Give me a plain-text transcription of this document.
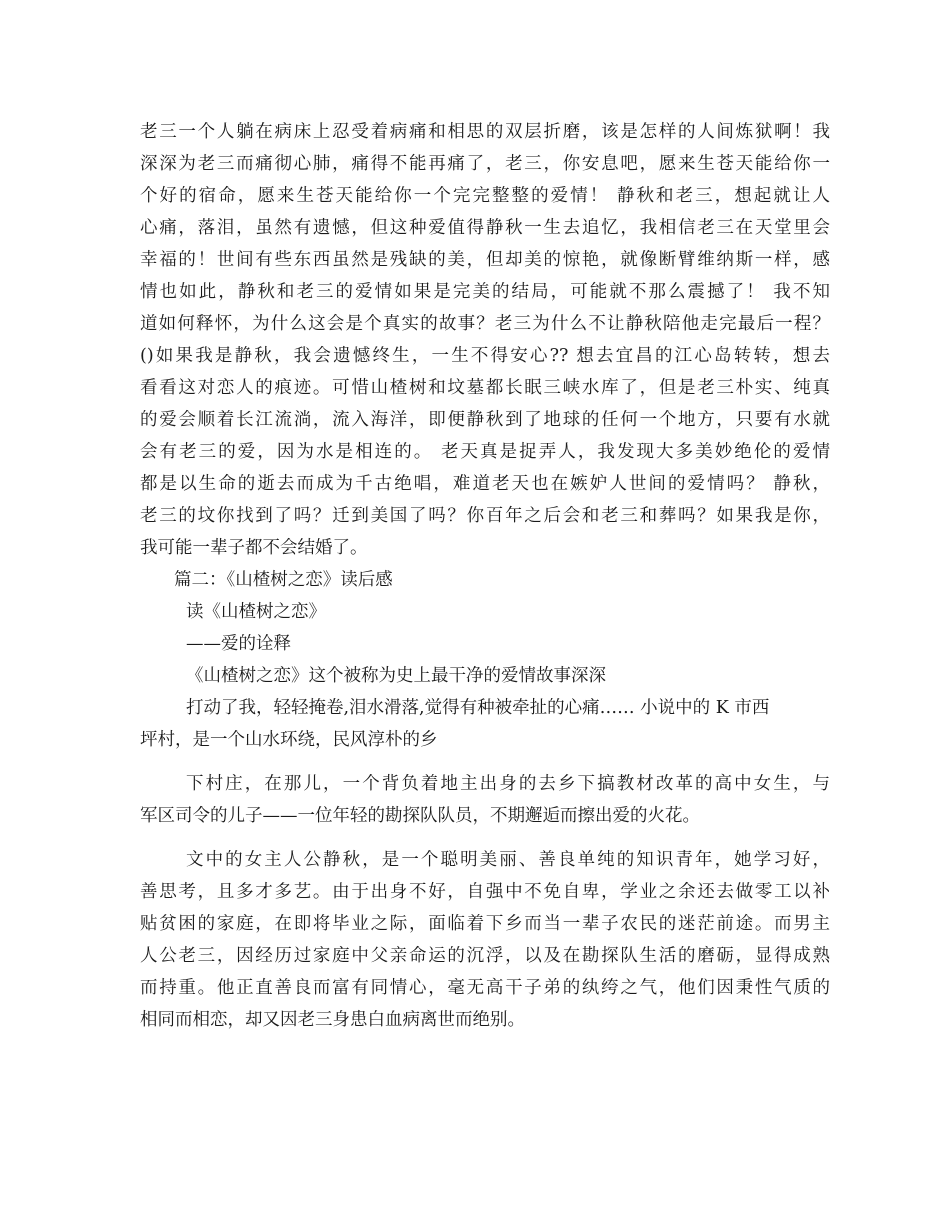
老三一个人躺在病床上忍受着病痛和相思的双层折磨，该是怎样的人间炼狱啊！我
深深为老三而痛彻心肺，痛得不能再痛了，老三，你安息吧，愿来生苍天能给你一
个好的宿命，愿来生苍天能给你一个完完整整的爱情！ 静秋和老三，想起就让人
心痛，落泪，虽然有遗憾，但这种爱值得静秋一生去追忆，我相信老三在天堂里会
幸福的！世间有些东西虽然是残缺的美，但却美的惊艳，就像断臂维纳斯一样，感
情也如此，静秋和老三的爱情如果是完美的结局，可能就不那么震撼了！ 我不知
道如何释怀，为什么这会是个真实的故事？老三为什么不让静秋陪他走完最后一程？
()如果我是静秋，我会遗憾终生，一生不得安心?? 想去宜昌的江心岛转转，想去
看看这对恋人的痕迹。可惜山楂树和坟墓都长眠三峡水库了，但是老三朴实、纯真
的爱会顺着长江流淌，流入海洋，即便静秋到了地球的任何一个地方，只要有水就
会有老三的爱，因为水是相连的。 老天真是捉弄人，我发现大多美妙绝伦的爱情
都是以生命的逝去而成为千古绝唱，难道老天也在嫉妒人世间的爱情吗？ 静秋，
老三的坟你找到了吗？迁到美国了吗？你百年之后会和老三和葬吗？如果我是你，
我可能一辈子都不会结婚了。
篇二：《山楂树之恋》读后感
读《山楂树之恋》
——爱的诠释
《山楂树之恋》这个被称为史上最干净的爱情故事深深
打动了我，轻轻掩卷,泪水滑落,觉得有种被牵扯的心痛…… 小说中的 K 市西
坪村，是一个山水环绕，民风淳朴的乡
下村庄，在那儿，一个背负着地主出身的去乡下搞教材改革的高中女生，与
军区司令的儿子——一位年轻的勘探队队员，不期邂逅而擦出爱的火花。
文中的女主人公静秋，是一个聪明美丽、善良单纯的知识青年，她学习好，
善思考，且多才多艺。由于出身不好，自强中不免自卑，学业之余还去做零工以补
贴贫困的家庭，在即将毕业之际，面临着下乡而当一辈子农民的迷茫前途。而男主
人公老三，因经历过家庭中父亲命运的沉浮，以及在勘探队生活的磨砺，显得成熟
而持重。他正直善良而富有同情心，毫无高干子弟的纨绔之气，他们因秉性气质的
相同而相恋，却又因老三身患白血病离世而绝别。
